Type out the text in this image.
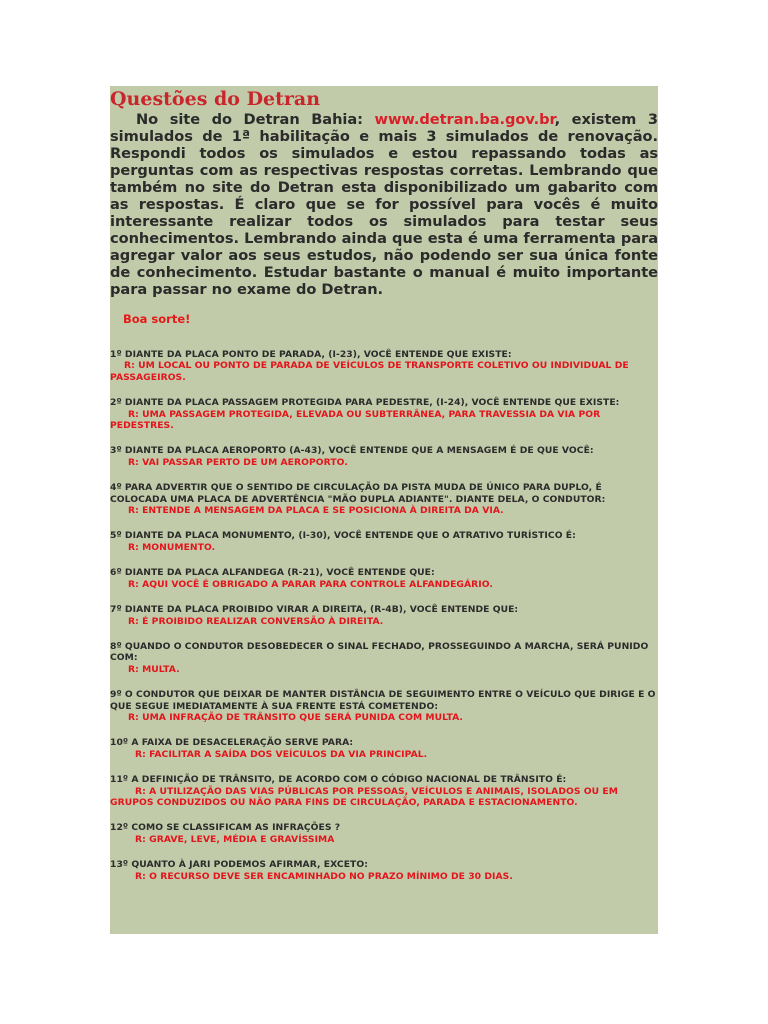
Questões do Detran

No site do Detran Bahia: www.detran.ba.gov.br, existem 3 simulados de 1ª habilitação e mais 3 simulados de renovação. Respondi todos os simulados e estou repassando todas as perguntas com as respectivas respostas corretas. Lembrando que também no site do Detran esta disponibilizado um gabarito com as respostas. É claro que se for possível para vocês é muito interessante realizar todos os simulados para testar seus conhecimentos. Lembrando ainda que esta é uma ferramenta para agregar valor aos seus estudos, não podendo ser sua única fonte de conhecimento. Estudar bastante o manual é muito importante para passar no exame do Detran.

Boa sorte!
1º DIANTE DA PLACA PONTO DE PARADA, (I-23), VOCÊ ENTENDE QUE EXISTE:
R: UM LOCAL OU PONTO DE PARADA DE VEÍCULOS DE TRANSPORTE COLETIVO OU INDIVIDUAL DE PASSAGEIROS.
2º DIANTE DA PLACA PASSAGEM PROTEGIDA PARA PEDESTRE, (I-24), VOCÊ ENTENDE QUE EXISTE:
R: UMA PASSAGEM PROTEGIDA, ELEVADA OU SUBTERRÂNEA, PARA TRAVESSIA DA VIA POR PEDESTRES.
3º DIANTE DA PLACA AEROPORTO (A-43), VOCÊ ENTENDE QUE A MENSAGEM É DE QUE VOCÊ:
R: VAI PASSAR PERTO DE UM AEROPORTO.
4º PARA ADVERTIR QUE O SENTIDO DE CIRCULAÇÃO DA PISTA MUDA DE ÚNICO PARA DUPLO, É COLOCADA UMA PLACA DE ADVERTÊNCIA "MÃO DUPLA ADIANTE". DIANTE DELA, O CONDUTOR:
R: ENTENDE A MENSAGEM DA PLACA E SE POSICIONA À DIREITA DA VIA.
5º DIANTE DA PLACA MONUMENTO, (I-30), VOCÊ ENTENDE QUE O ATRATIVO TURÍSTICO É:
R: MONUMENTO.
6º DIANTE DA PLACA ALFANDEGA (R-21), VOCÊ ENTENDE QUE:
R: AQUI VOCÊ É OBRIGADO A PARAR PARA CONTROLE ALFANDEGÁRIO.
7º DIANTE DA PLACA PROIBIDO VIRAR A DIREITA, (R-4B), VOCÊ ENTENDE QUE:
R: É PROIBIDO REALIZAR CONVERSÃO À DIREITA.
8º QUANDO O CONDUTOR DESOBEDECER O SINAL FECHADO, PROSSEGUINDO A MARCHA, SERÁ PUNIDO COM:
R: MULTA.
9º O CONDUTOR QUE DEIXAR DE MANTER DISTÂNCIA DE SEGUIMENTO ENTRE O VEÍCULO QUE DIRIGE E O QUE SEGUE IMEDIATAMENTE À SUA FRENTE ESTÁ COMETENDO:
R: UMA INFRAÇÃO DE TRÂNSITO QUE SERÁ PUNIDA COM MULTA.
10º A FAIXA DE DESACELERAÇÃO SERVE PARA:
R: FACILITAR A SAÍDA DOS VEÍCULOS DA VIA PRINCIPAL.
11º A DEFINIÇÃO DE TRÂNSITO, DE ACORDO COM O CÓDIGO NACIONAL DE TRÂNSITO É:
R: A UTILIZAÇÃO DAS VIAS PÚBLICAS POR PESSOAS, VEÍCULOS E ANIMAIS, ISOLADOS OU EM GRUPOS CONDUZIDOS OU NÃO PARA FINS DE CIRCULAÇÃO, PARADA E ESTACIONAMENTO.
12º COMO SE CLASSIFICAM AS INFRAÇÕES ?
R: GRAVE, LEVE, MÉDIA E GRAVÍSSIMA
13º QUANTO À JARI PODEMOS AFIRMAR, EXCETO:
R: O RECURSO DEVE SER ENCAMINHADO NO PRAZO MÍNIMO DE 30 DIAS.
